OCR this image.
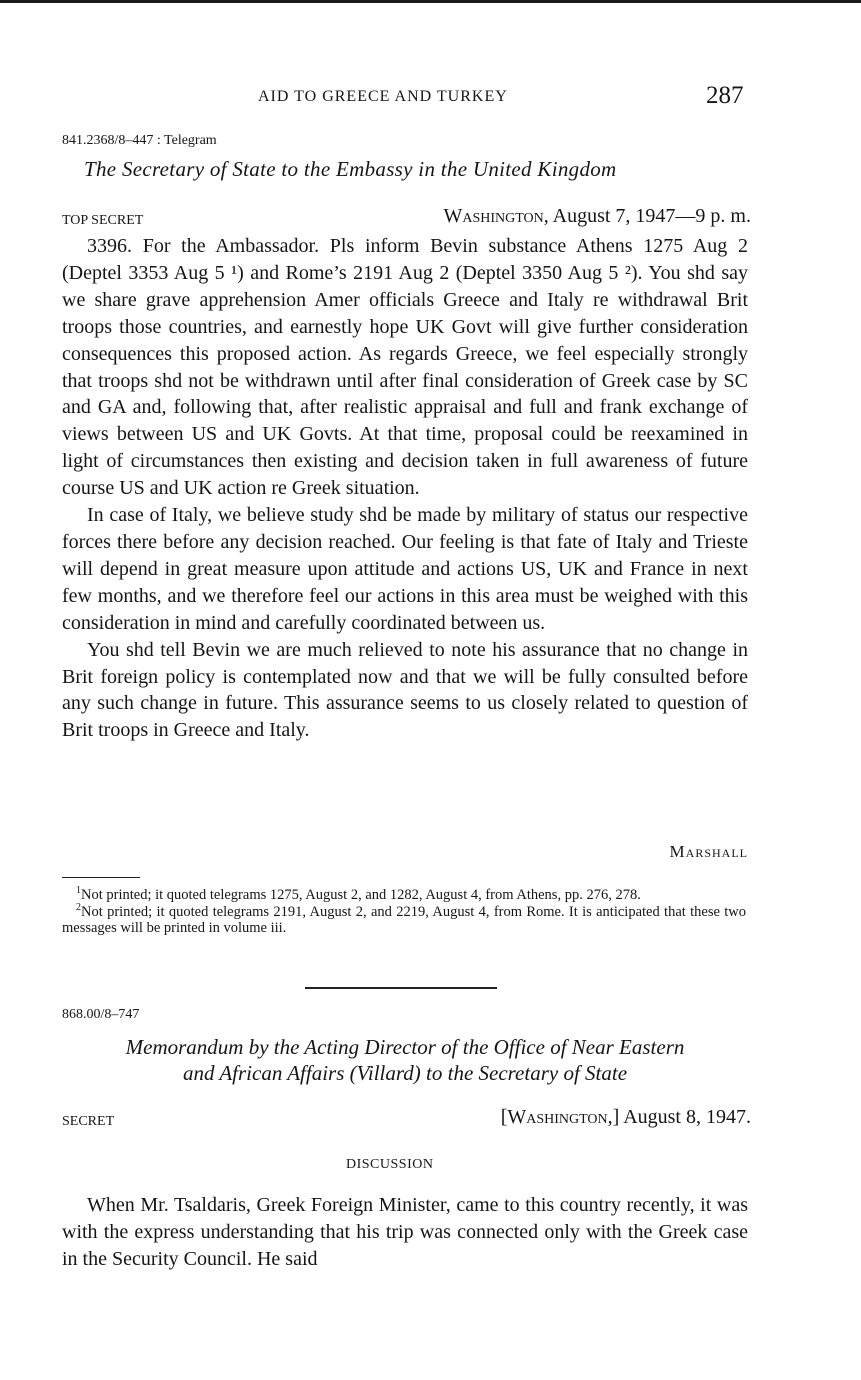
AID TO GREECE AND TURKEY	287
841.2368/8–447 : Telegram
The Secretary of State to the Embassy in the United Kingdom
TOP SECRET	Washington, August 7, 1947—9 p. m.

3396. For the Ambassador. Pls inform Bevin substance Athens 1275 Aug 2 (Deptel 3353 Aug 5 ¹) and Rome’s 2191 Aug 2 (Deptel 3350 Aug 5 ²). You shd say we share grave apprehension Amer officials Greece and Italy re withdrawal Brit troops those countries, and earnestly hope UK Govt will give further consideration consequences this proposed action. As regards Greece, we feel especially strongly that troops shd not be withdrawn until after final consideration of Greek case by SC and GA and, following that, after realistic appraisal and full and frank exchange of views between US and UK Govts. At that time, proposal could be reexamined in light of circumstances then existing and decision taken in full awareness of future course US and UK action re Greek situation.

In case of Italy, we believe study shd be made by military of status our respective forces there before any decision reached. Our feeling is that fate of Italy and Trieste will depend in great measure upon attitude and actions US, UK and France in next few months, and we therefore feel our actions in this area must be weighed with this consideration in mind and carefully coordinated between us.

You shd tell Bevin we are much relieved to note his assurance that no change in Brit foreign policy is contemplated now and that we will be fully consulted before any such change in future. This assurance seems to us closely related to question of Brit troops in Greece and Italy.

Marshall

$^1$Not printed; it quoted telegrams 1275, August 2, and 1282, August 4, from Athens, pp. 276, 278.

$^2$Not printed; it quoted telegrams 2191, August 2, and 2219, August 4, from Rome. It is anticipated that these two messages will be printed in volume iii.

868.00/8–747
Memorandum by the Acting Director of the Office of Near Eastern
and African Affairs (Villard) to the Secretary of State
SECRET	[Washington,] August 8, 1947.
DISCUSSION

When Mr. Tsaldaris, Greek Foreign Minister, came to this country recently, it was with the express understanding that his trip was connected only with the Greek case in the Security Council. He said
